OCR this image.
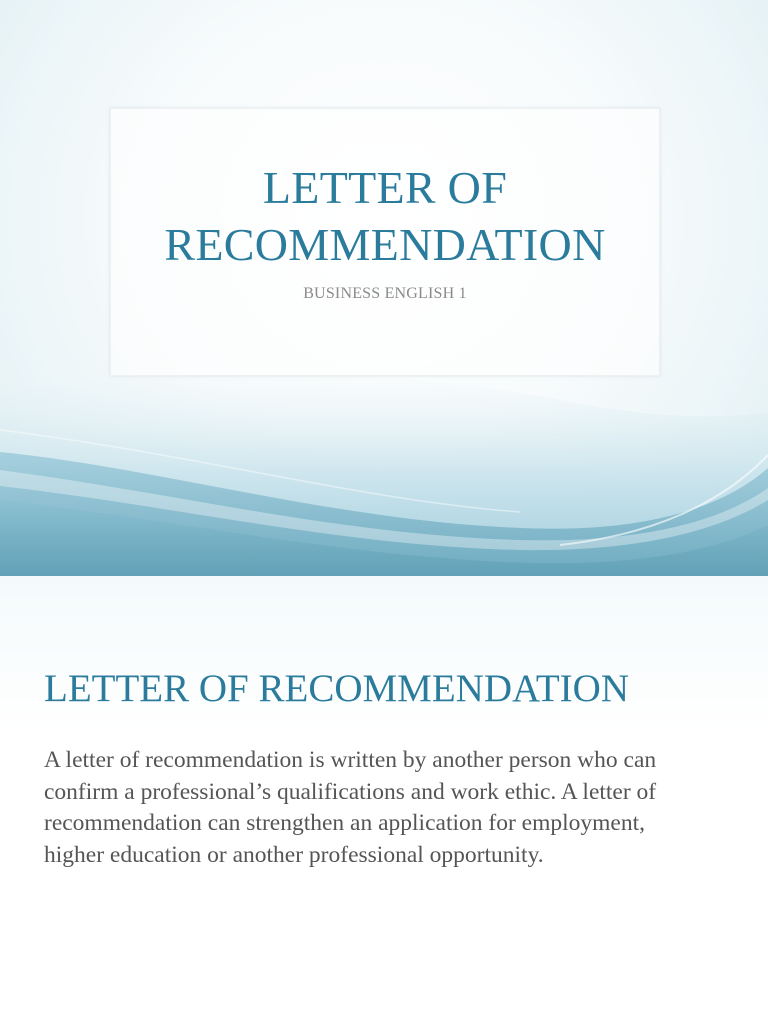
LETTER OF
RECOMMENDATION
BUSINESS ENGLISH 1
LETTER OF RECOMMENDATION
A letter of recommendation is written by another person who can confirm a professional’s qualifications and work ethic. A letter of recommendation can strengthen an application for employment, higher education or another professional opportunity.
